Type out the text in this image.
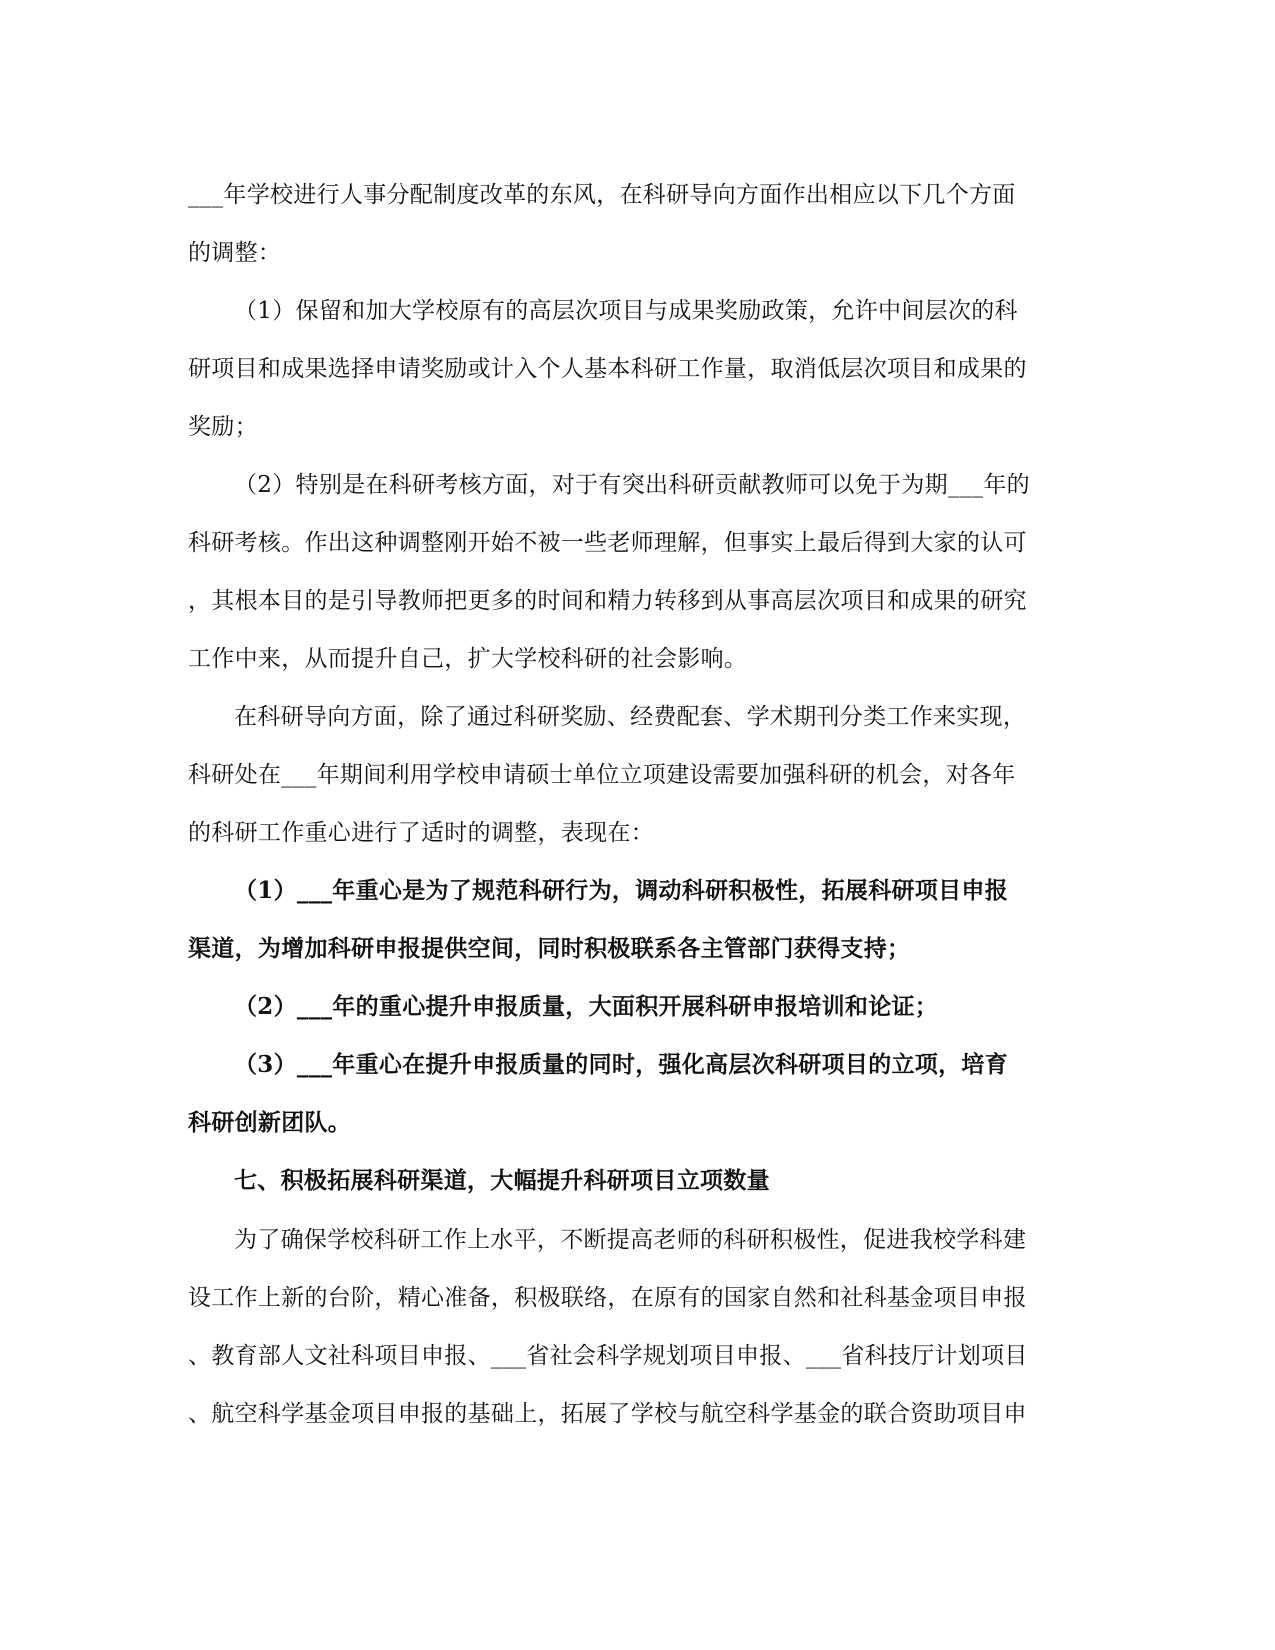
___年学校进行人事分配制度改革的东风，在科研导向方面作出相应以下几个方面
的调整：
（1）保留和加大学校原有的高层次项目与成果奖励政策，允许中间层次的科
研项目和成果选择申请奖励或计入个人基本科研工作量，取消低层次项目和成果的
奖励；
（2）特别是在科研考核方面，对于有突出科研贡献教师可以免于为期___年的
科研考核。作出这种调整刚开始不被一些老师理解，但事实上最后得到大家的认可
，其根本目的是引导教师把更多的时间和精力转移到从事高层次项目和成果的研究
工作中来，从而提升自己，扩大学校科研的社会影响。
在科研导向方面，除了通过科研奖励、经费配套、学术期刊分类工作来实现，
科研处在___年期间利用学校申请硕士单位立项建设需要加强科研的机会，对各年
的科研工作重心进行了适时的调整，表现在：
（1）___年重心是为了规范科研行为，调动科研积极性，拓展科研项目申报
渠道，为增加科研申报提供空间，同时积极联系各主管部门获得支持；
（2）___年的重心提升申报质量，大面积开展科研申报培训和论证；
（3）___年重心在提升申报质量的同时，强化高层次科研项目的立项，培育
科研创新团队。
七、积极拓展科研渠道，大幅提升科研项目立项数量
为了确保学校科研工作上水平，不断提高老师的科研积极性，促进我校学科建
设工作上新的台阶，精心准备，积极联络，在原有的国家自然和社科基金项目申报
、教育部人文社科项目申报、___省社会科学规划项目申报、___省科技厅计划项目
、航空科学基金项目申报的基础上，拓展了学校与航空科学基金的联合资助项目申
